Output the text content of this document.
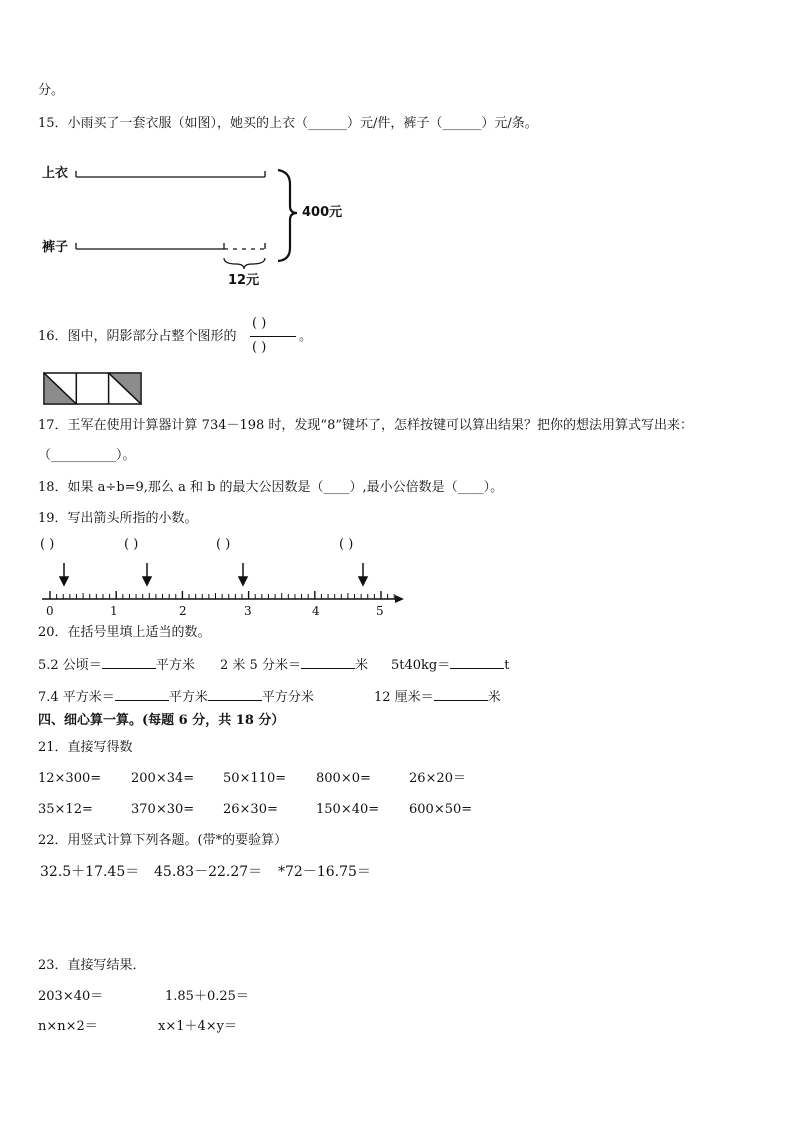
分。
15．小雨买了一套衣服（如图），她买的上衣（______）元/件，裤子（______）元/条。
上衣
裤子
400元
12元
16．图中，阴影部分占整个图形的
( )
( )
。
17．王军在使用计算器计算 734－198 时，发现“8”键坏了，怎样按键可以算出结果？把你的想法用算式写出来：
（__________）。
18．如果 a÷b=9,那么 a 和 b 的最大公因数是（____）,最小公倍数是（____）。
19．写出箭头所指的小数。
( )	( )	( )	( )
0	1	2	3	4	5
20．在括号里填上适当的数。
5.2 公顷＝	平方米 2 米 5 分米＝	米 5t40kg＝	t
7.4 平方米＝	平方米	平方分米	12 厘米＝	米
四、细心算一算。(每题 6 分，共 18 分）
21．直接写得数
12×300= 200×34= 50×110= 800×0=	26×20＝
35×12=	370×30= 26×30=	150×40= 600×50=
22．用竖式计算下列各题。(带*的要验算）
32.5＋17.45＝ 45.83－22.27＝ *72－16.75＝
23．直接写结果．
203×40＝	1.85＋0.25＝
n×n×2＝	x×1＋4×y＝
